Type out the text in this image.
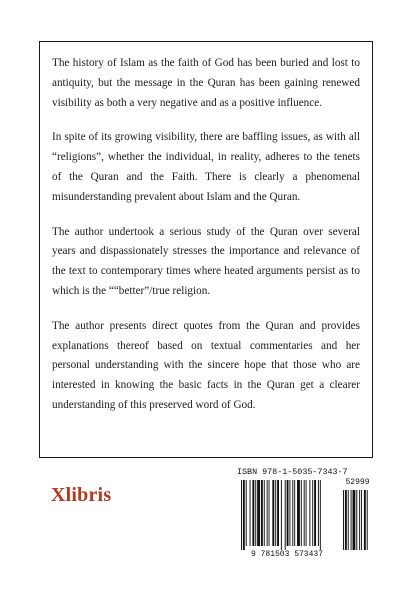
The history of Islam as the faith of God has been buried and lost to antiquity, but the message in the Quran has been gaining renewed visibility as both a very negative and as a positive influence.

In spite of its growing visibility, there are baffling issues, as with all “religions”, whether the individual, in reality, adheres to the tenets of the Quran and the Faith. There is clearly a phenomenal misunderstanding prevalent about Islam and the Quran.

The author undertook a serious study of the Quran over several years and dispassionately stresses the importance and relevance of the text to contemporary times where heated arguments persist as to which is the ““better”/true religion.

The author presents direct quotes from the Quran and provides explanations thereof based on textual commentaries and her personal understanding with the sincere hope that those who are interested in knowing the basic facts in the Quran get a clearer understanding of this preserved word of God.

Xlibris
ISBN 978-1-5035-7343-7
52999
9 781503 573437
